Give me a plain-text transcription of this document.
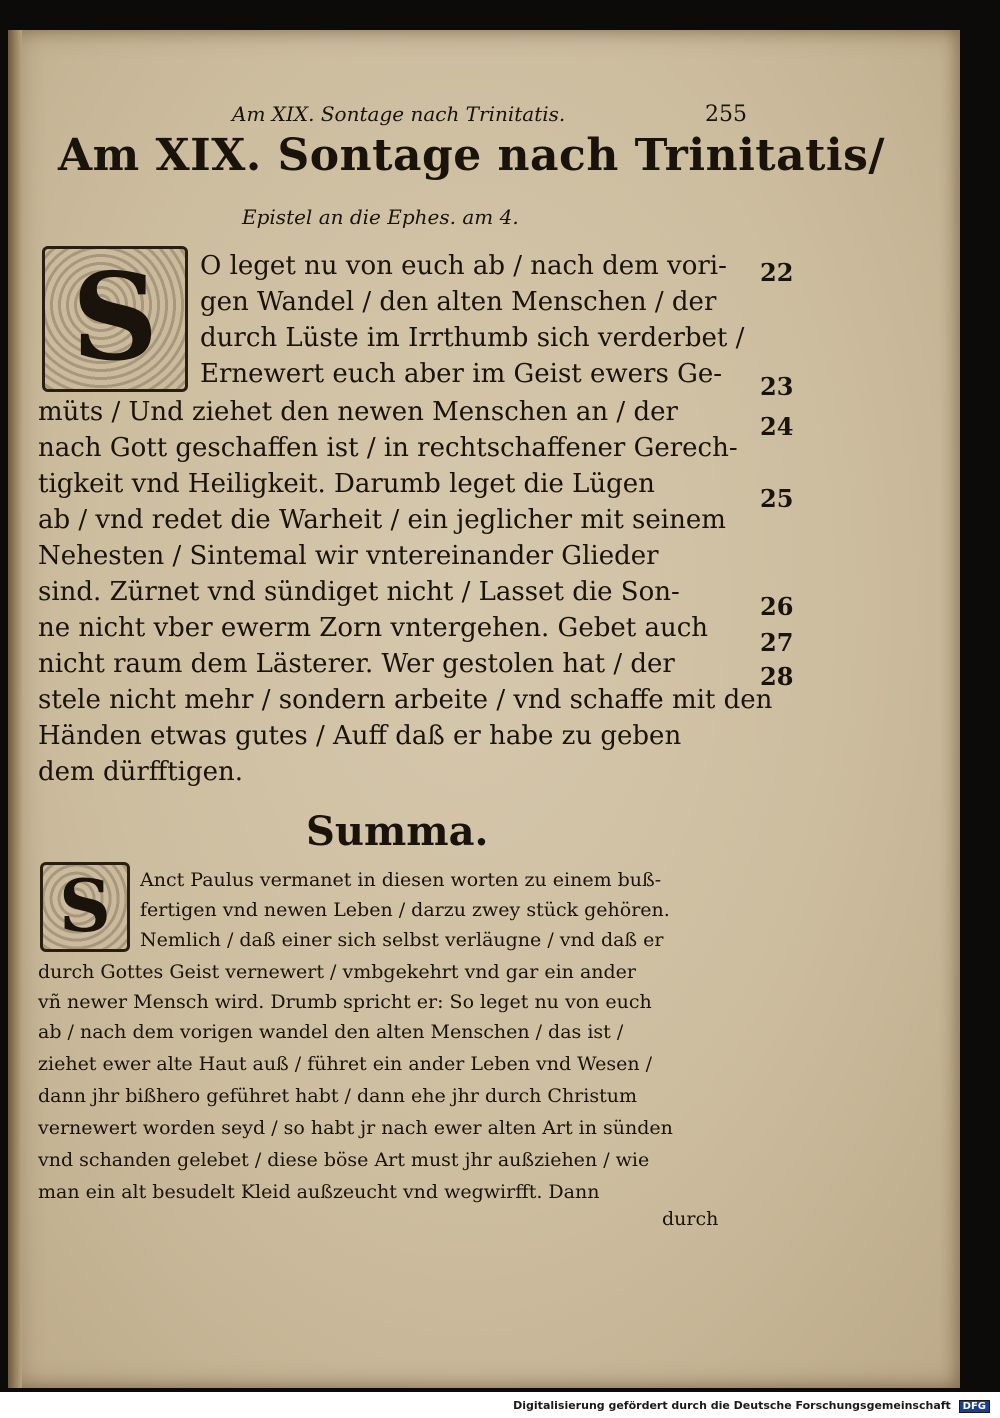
Am XIX. Sontage nach Trinitatis.	255
Am XIX. Sontage nach Trinitatis/
Epistel an die Ephes. am 4.
S	O leget nu von euch ab / nach dem vori-
gen Wandel / den alten Menschen / der
durch Lüste im Irrthumb sich verderbet /
Ernewert euch aber im Geist ewers Ge-
müts / Und ziehet den newen Menschen an / der
nach Gott geschaffen ist / in rechtschaffener Gerech-
tigkeit vnd Heiligkeit. Darumb leget die Lügen
ab / vnd redet die Warheit / ein jeglicher mit seinem
Nehesten / Sintemal wir vntereinander Glieder
sind. Zürnet vnd sündiget nicht / Lasset die Son-
ne nicht vber ewerm Zorn vntergehen. Gebet auch
nicht raum dem Lästerer. Wer gestolen hat / der
stele nicht mehr / sondern arbeite / vnd schaffe mit den
Händen etwas gutes / Auff daß er habe zu geben
dem dürfftigen.
22
23
24
25
26
27
28
Summa.
S	Anct Paulus vermanet in diesen worten zu einem buß-
fertigen vnd newen Leben / darzu zwey stück gehören.
Nemlich / daß einer sich selbst verläugne / vnd daß er
durch Gottes Geist vernewert / vmbgekehrt vnd gar ein ander
vñ newer Mensch wird. Drumb spricht er: So leget nu von euch
ab / nach dem vorigen wandel den alten Menschen / das ist /
ziehet ewer alte Haut auß / führet ein ander Leben vnd Wesen /
dann jhr bißhero geführet habt / dann ehe jhr durch Christum
vernewert worden seyd / so habt jr nach ewer alten Art in sünden
vnd schanden gelebet / diese böse Art must jhr außziehen / wie
man ein alt besudelt Kleid außzeucht vnd wegwirfft. Dann
durch
Digitalisierung gefördert durch die Deutsche Forschungsgemeinschaft DFG
